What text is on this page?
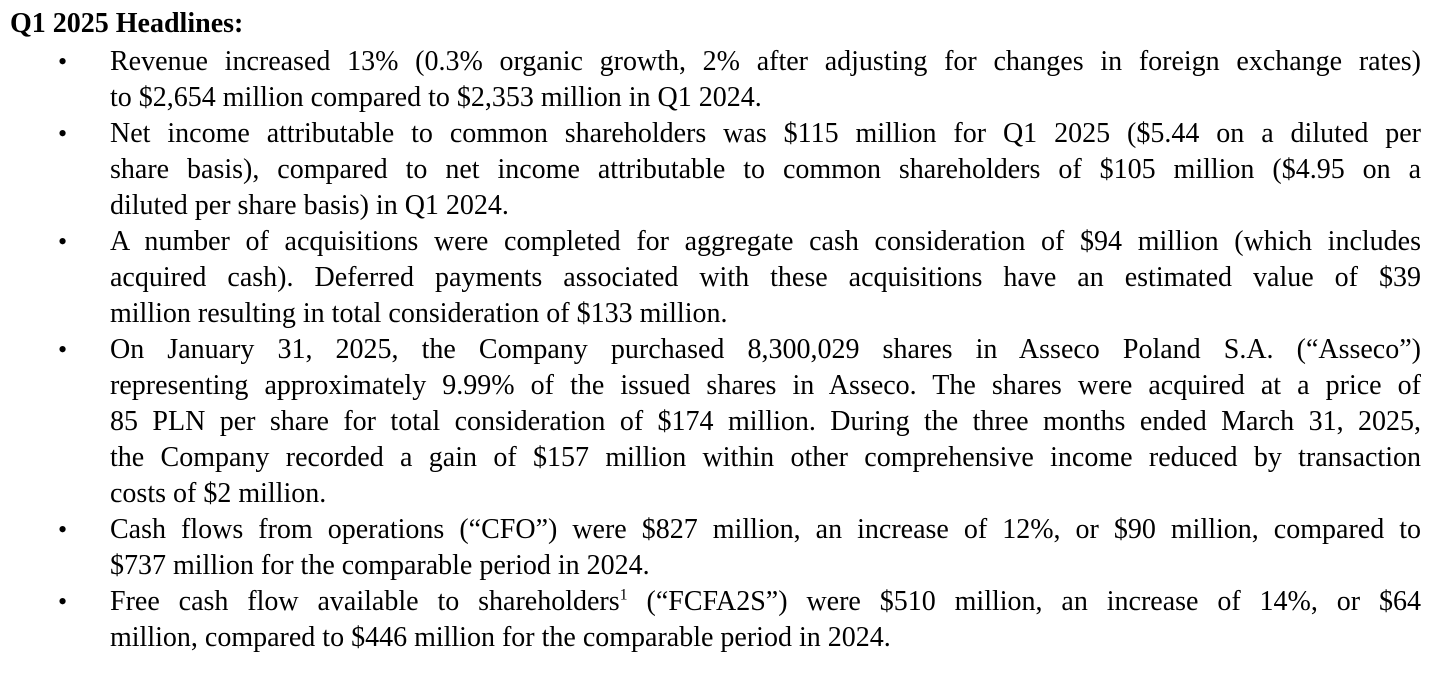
Q1 2025 Headlines:
•	Revenue increased 13% (0.3% organic growth, 2% after adjusting for changes in foreign exchange rates)
to $2,654 million compared to $2,353 million in Q1 2024.
•	Net income attributable to common shareholders was $115 million for Q1 2025 ($5.44 on a diluted per
share basis), compared to net income attributable to common shareholders of $105 million ($4.95 on a
diluted per share basis) in Q1 2024.
•	A number of acquisitions were completed for aggregate cash consideration of $94 million (which includes
acquired cash). Deferred payments associated with these acquisitions have an estimated value of $39
million resulting in total consideration of $133 million.
•	On January 31, 2025, the Company purchased 8,300,029 shares in Asseco Poland S.A. (“Asseco”)
representing approximately 9.99% of the issued shares in Asseco. The shares were acquired at a price of
85 PLN per share for total consideration of $174 million. During the three months ended March 31, 2025,
the Company recorded a gain of $157 million within other comprehensive income reduced by transaction
costs of $2 million.
•	Cash flows from operations (“CFO”) were $827 million, an increase of 12%, or $90 million, compared to
$737 million for the comparable period in 2024.
•	Free cash flow available to shareholders$^1$ (“FCFA2S”) were $510 million, an increase of 14%, or $64
million, compared to $446 million for the comparable period in 2024.
